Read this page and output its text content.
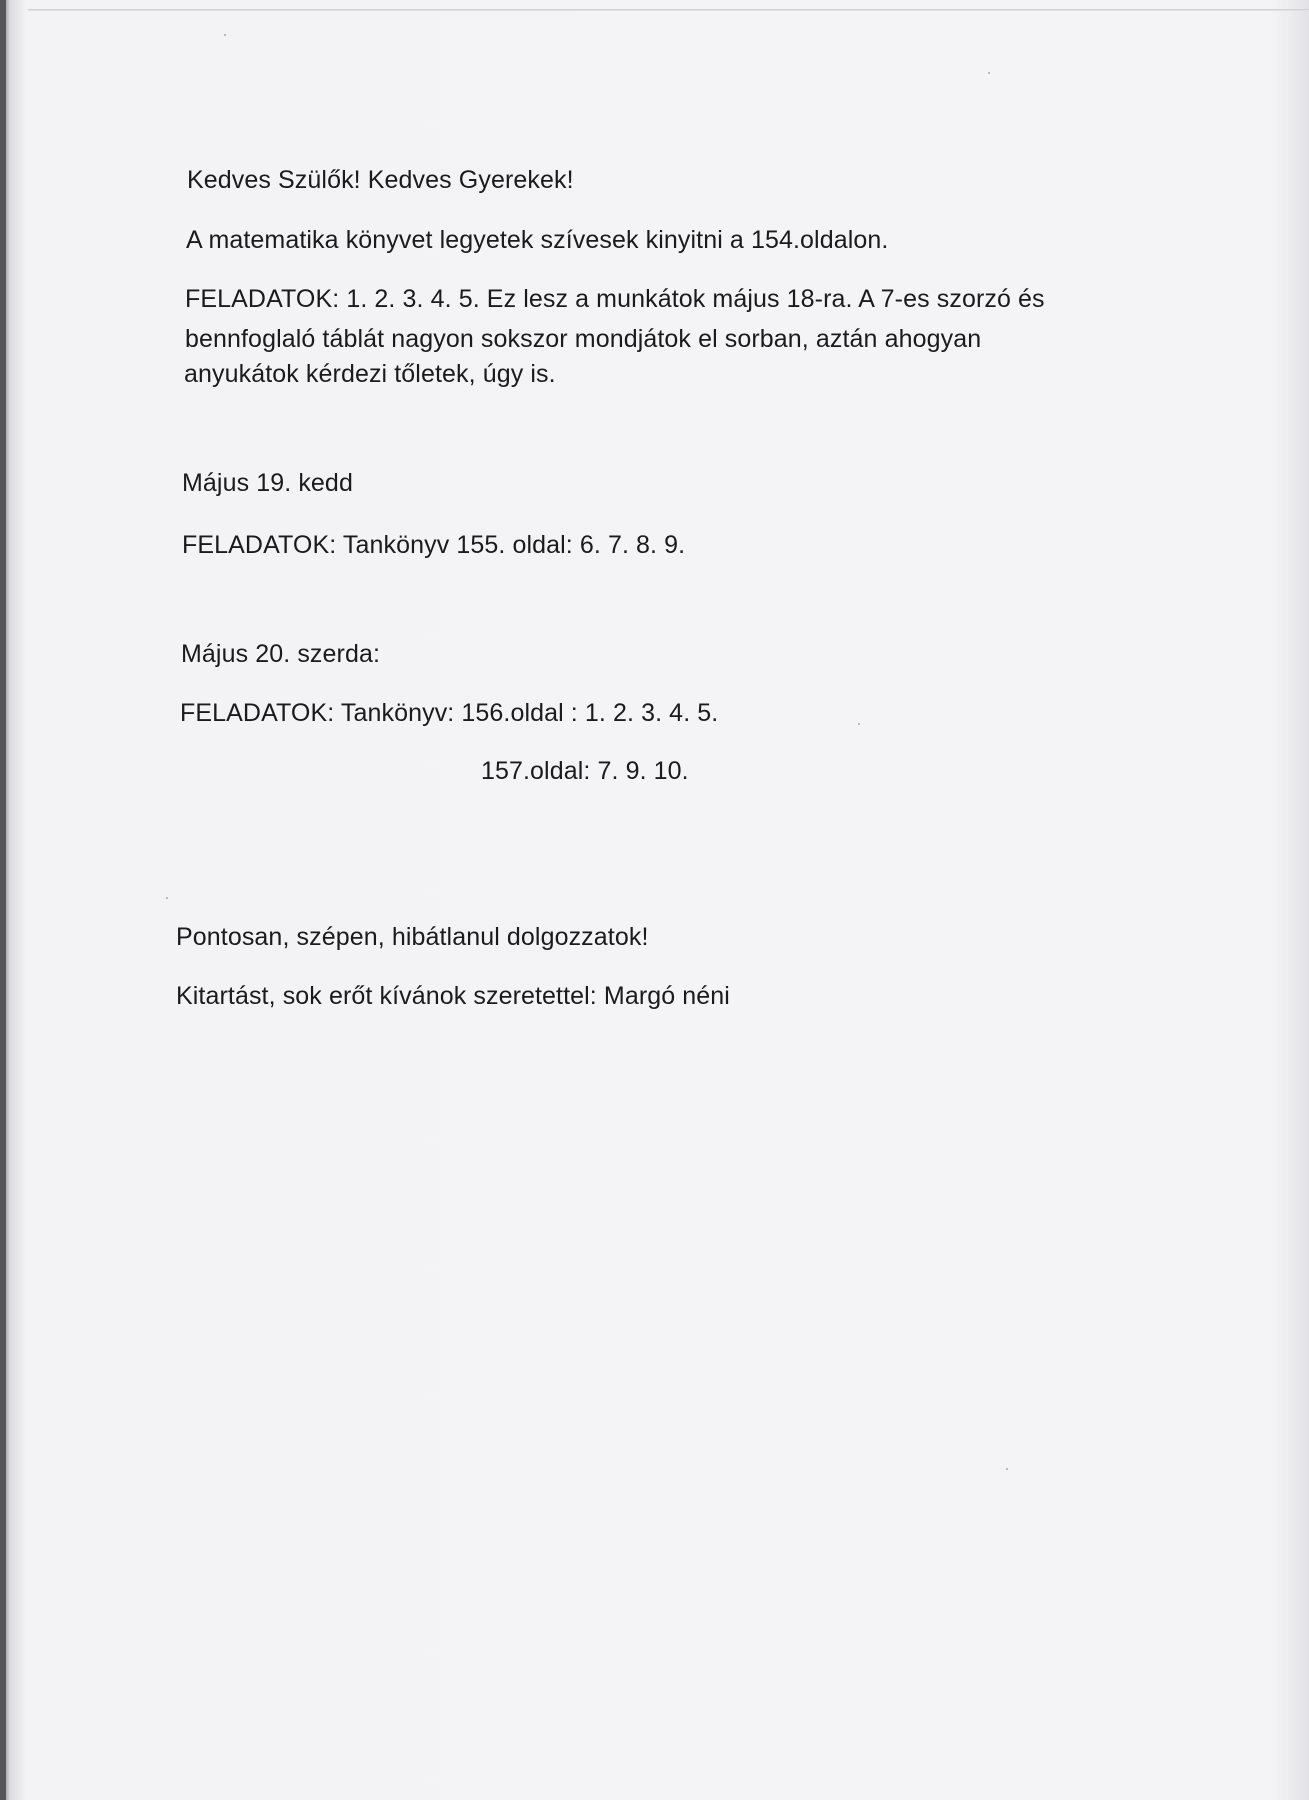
Kedves Szülők! Kedves Gyerekek!

A matematika könyvet legyetek szívesek kinyitni a 154.oldalon.

FELADATOK: 1. 2. 3. 4. 5. Ez lesz a munkátok május 18-ra. A 7-es szorzó és

bennfoglaló táblát nagyon sokszor mondjátok el sorban, aztán ahogyan

anyukátok kérdezi tőletek, úgy is.

Május 19. kedd

FELADATOK: Tankönyv 155. oldal: 6. 7. 8. 9.

Május 20. szerda:

FELADATOK: Tankönyv: 156.oldal : 1. 2. 3. 4. 5.

157.oldal: 7. 9. 10.

Pontosan, szépen, hibátlanul dolgozzatok!

Kitartást, sok erőt kívánok szeretettel: Margó néni
